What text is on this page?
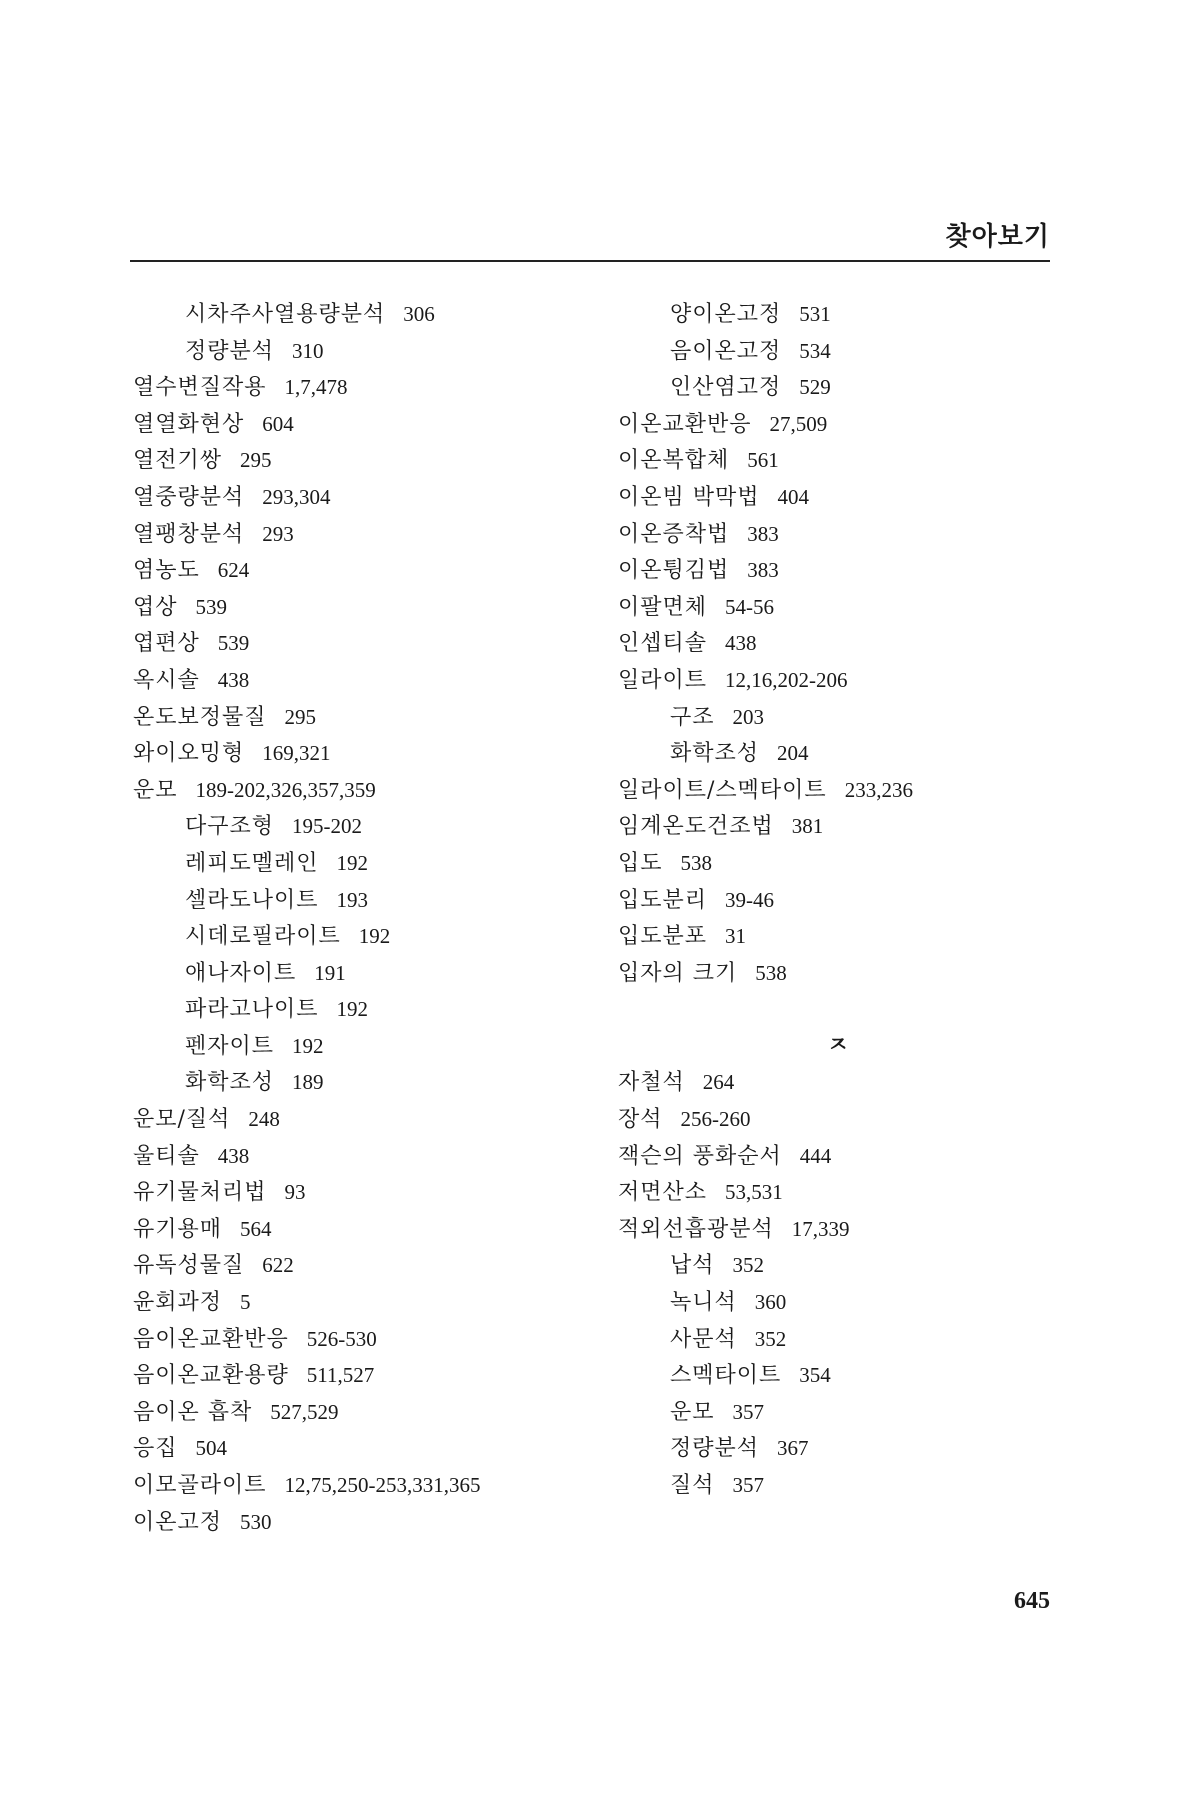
찾아보기
시차주사열용량분석 306
정량분석 310
열수변질작용 1,7,478
열열화현상 604
열전기쌍 295
열중량분석 293,304
열팽창분석 293
염농도 624
엽상 539
엽편상 539
옥시솔 438
온도보정물질 295
와이오밍형 169,321
운모 189-202,326,357,359
다구조형 195-202
레피도멜레인 192
셀라도나이트 193
시데로필라이트 192
애나자이트 191
파라고나이트 192
펜자이트 192
화학조성 189
운모/질석 248
울티솔 438
유기물처리법 93
유기용매 564
유독성물질 622
윤회과정 5
음이온교환반응 526-530
음이온교환용량 511,527
음이온 흡착 527,529
응집 504
이모골라이트 12,75,250-253,331,365
이온고정 530
양이온고정 531
음이온고정 534
인산염고정 529
이온교환반응 27,509
이온복합체 561
이온빔 박막법 404
이온증착법 383
이온튕김법 383
이팔면체 54-56
인셉티솔 438
일라이트 12,16,202-206
구조 203
화학조성 204
일라이트/스멕타이트 233,236
임계온도건조법 381
입도 538
입도분리 39-46
입도분포 31
입자의 크기 538
ㅈ
자철석 264
장석 256-260
잭슨의 풍화순서 444
저면산소 53,531
적외선흡광분석 17,339
납석 352
녹니석 360
사문석 352
스멕타이트 354
운모 357
정량분석 367
질석 357
645
